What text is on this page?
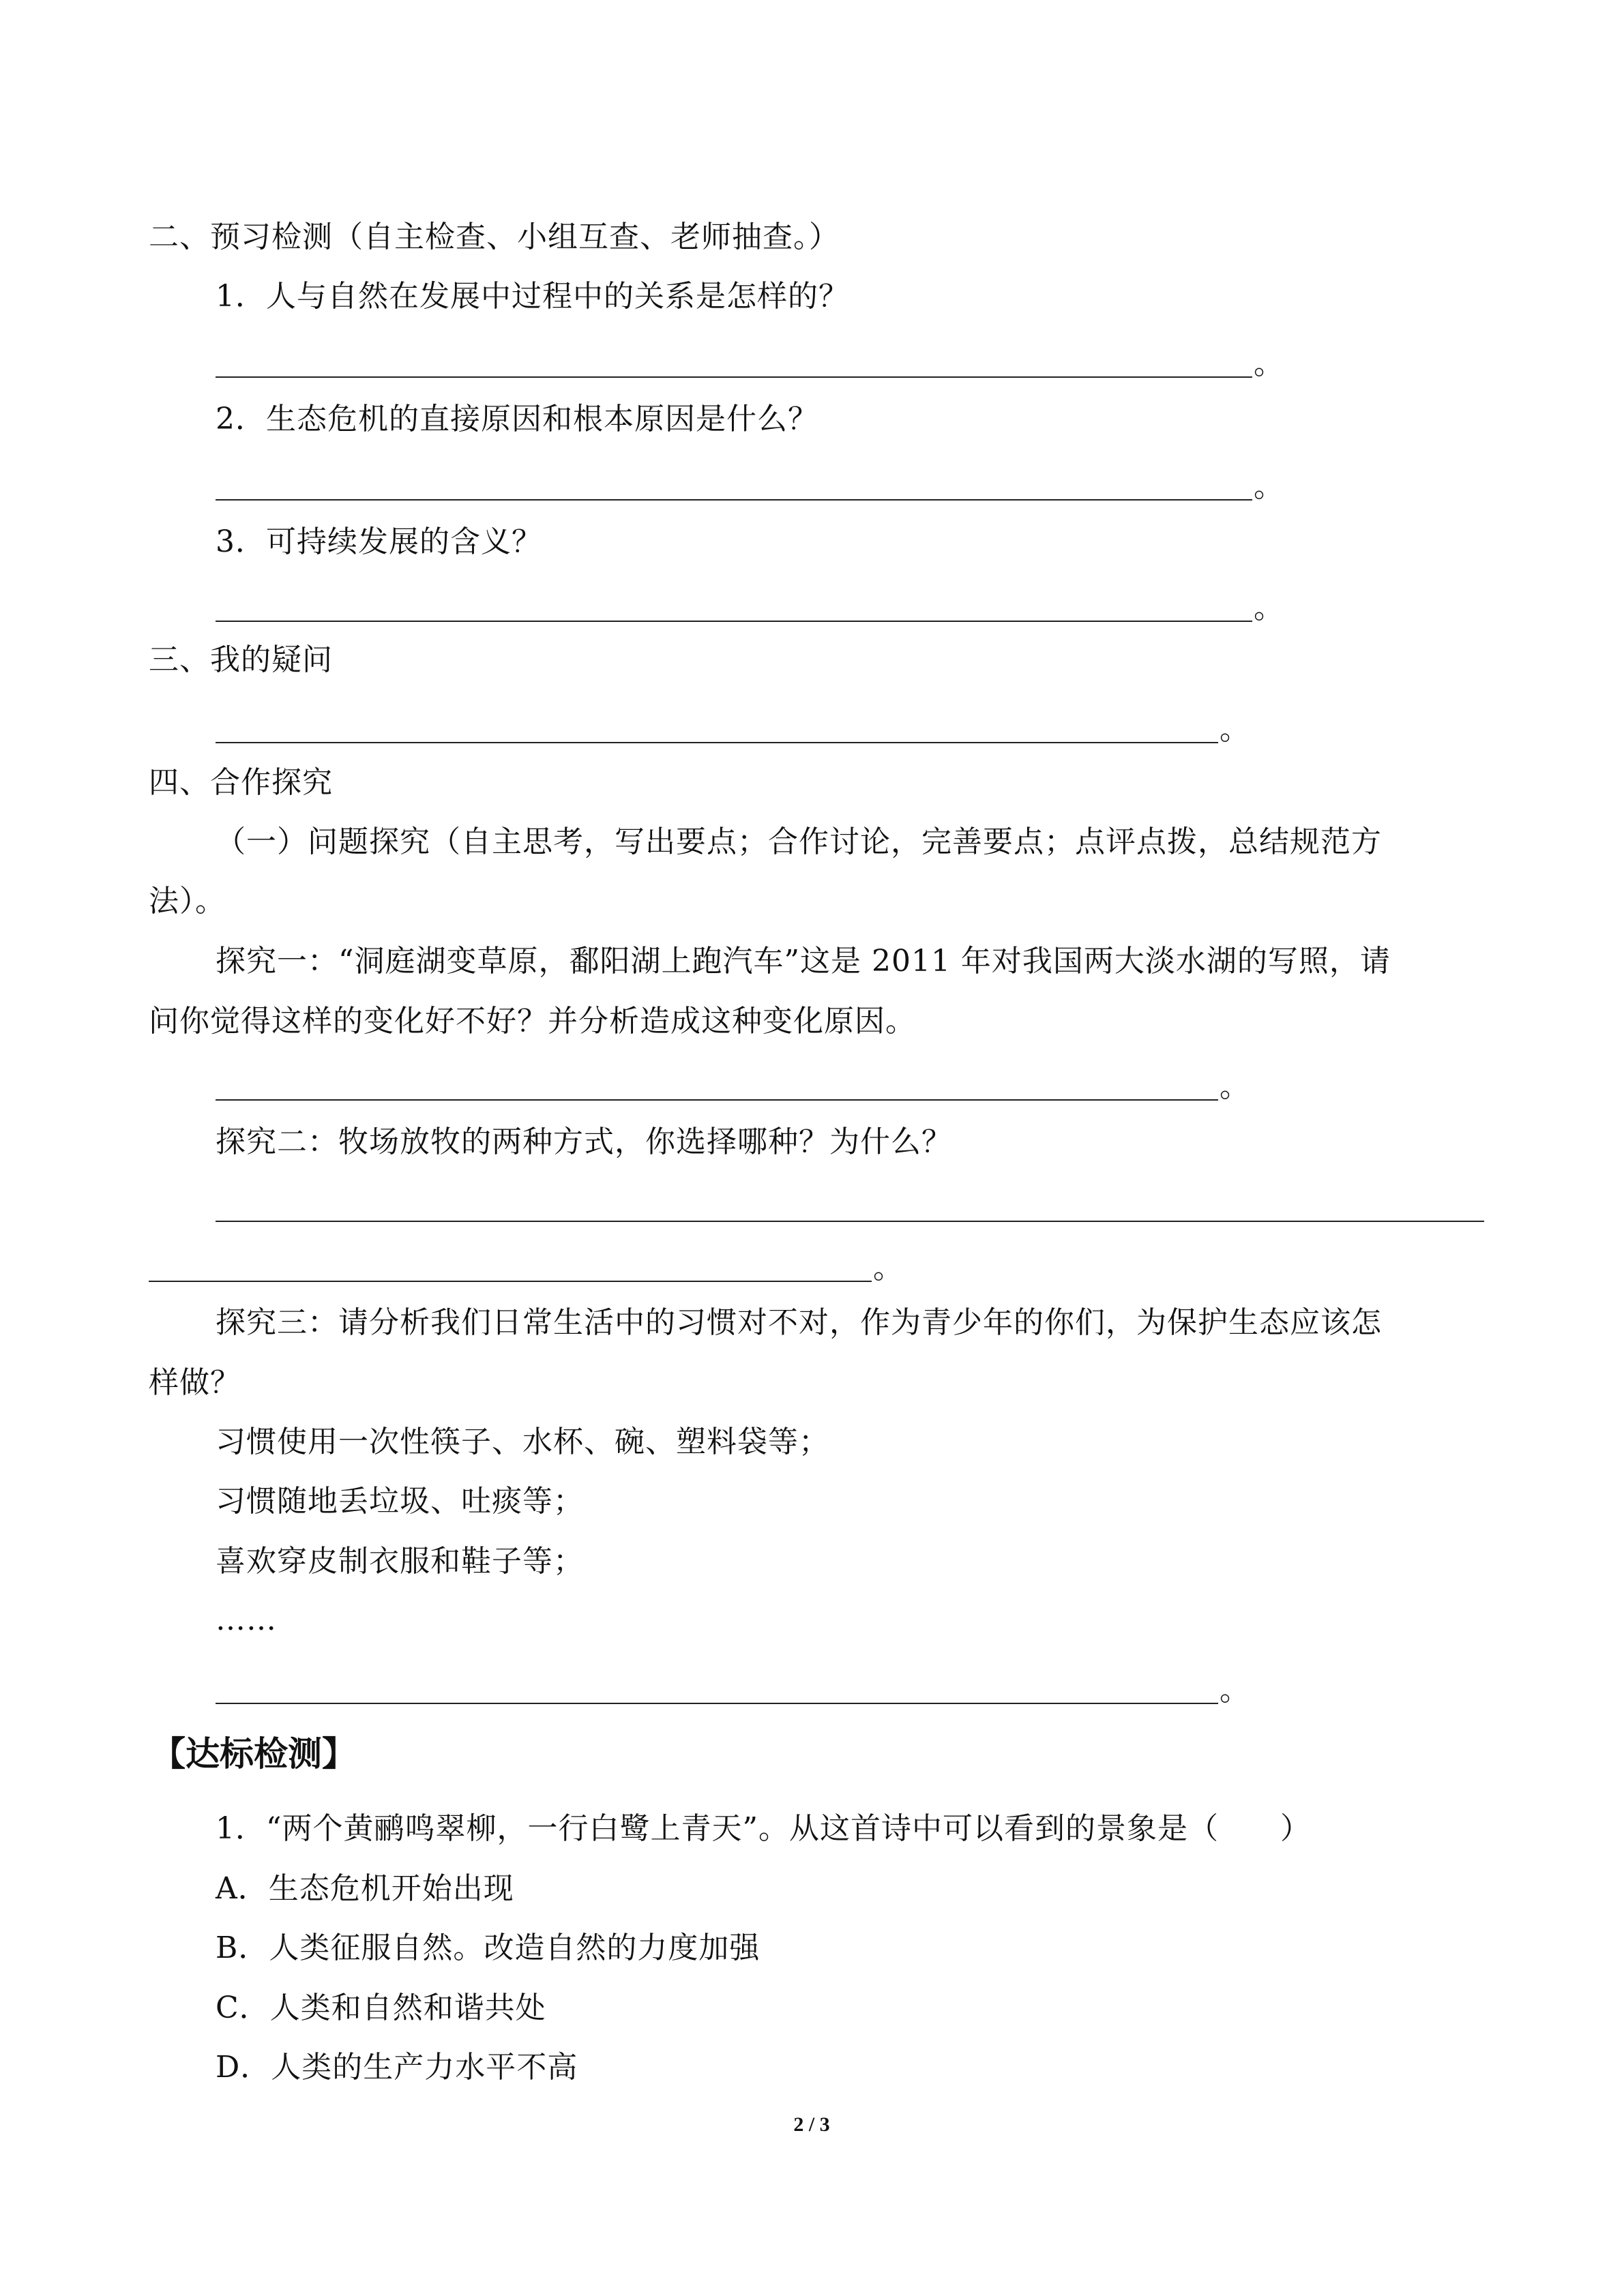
二、预习检测（自主检查、小组互查、老师抽查。）
1．人与自然在发展中过程中的关系是怎样的？
。
2．生态危机的直接原因和根本原因是什么？
。
3．可持续发展的含义？
。
三、我的疑问
。
四、合作探究
（一）问题探究（自主思考，写出要点；合作讨论，完善要点；点评点拨，总结规范方
法）。
探究一：“洞庭湖变草原，鄱阳湖上跑汽车”这是 2011 年对我国两大淡水湖的写照，请
问你觉得这样的变化好不好？并分析造成这种变化原因。
。
探究二：牧场放牧的两种方式，你选择哪种？为什么？
。
探究三：请分析我们日常生活中的习惯对不对，作为青少年的你们，为保护生态应该怎
样做？
习惯使用一次性筷子、水杯、碗、塑料袋等；
习惯随地丢垃圾、吐痰等；
喜欢穿皮制衣服和鞋子等；
……
。
【达标检测】
1．“两个黄鹂鸣翠柳，一行白鹭上青天”。从这首诗中可以看到的景象是（　　）
A．生态危机开始出现
B．人类征服自然。改造自然的力度加强
C．人类和自然和谐共处
D．人类的生产力水平不高
2 / 3
